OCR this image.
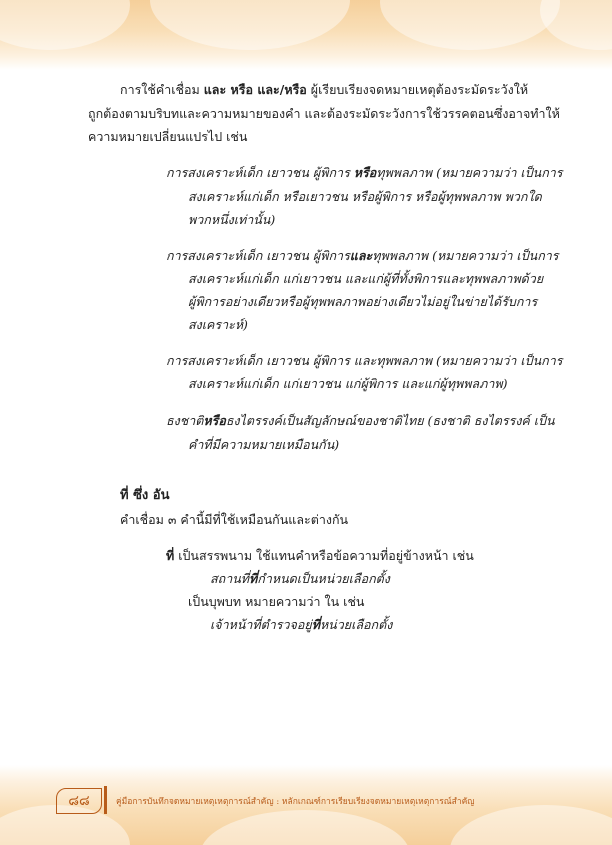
การใช้คำเชื่อม และ หรือ และ/หรือ ผู้เรียบเรียงจดหมายเหตุต้องระมัดระวังให้
ถูกต้องตามบริบทและความหมายของคำ และต้องระมัดระวังการใช้วรรคตอนซึ่งอาจทำให้
ความหมายเปลี่ยนแปรไป เช่น
การสงเคราะห์เด็ก เยาวชน ผู้พิการ หรือทุพพลภาพ (หมายความว่า เป็นการ
สงเคราะห์แก่เด็ก หรือเยาวชน หรือผู้พิการ หรือผู้ทุพพลภาพ พวกใด
พวกหนึ่งเท่านั้น)
การสงเคราะห์เด็ก เยาวชน ผู้พิการและทุพพลภาพ (หมายความว่า เป็นการ
สงเคราะห์แก่เด็ก แก่เยาวชน และแก่ผู้ที่ทั้งพิการและทุพพลภาพด้วย
ผู้พิการอย่างเดียวหรือผู้ทุพพลภาพอย่างเดียวไม่อยู่ในข่ายได้รับการ
สงเคราะห์)
การสงเคราะห์เด็ก เยาวชน ผู้พิการ และทุพพลภาพ (หมายความว่า เป็นการ
สงเคราะห์แก่เด็ก แก่เยาวชน แก่ผู้พิการ และแก่ผู้ทุพพลภาพ)
ธงชาติหรือธงไตรรงค์เป็นสัญลักษณ์ของชาติไทย (ธงชาติ ธงไตรรงค์ เป็น
คำที่มีความหมายเหมือนกัน)
ที่ ซึ่ง อัน
คำเชื่อม ๓ คำนี้มีที่ใช้เหมือนกันและต่างกัน
ที่ เป็นสรรพนาม ใช้แทนคำหรือข้อความที่อยู่ข้างหน้า เช่น
สถานที่ที่กำหนดเป็นหน่วยเลือกตั้ง
เป็นบุพบท หมายความว่า ใน เช่น
เจ้าหน้าที่ตำรวจอยู่ที่หน่วยเลือกตั้ง
๘๘	คู่มือการบันทึกจดหมายเหตุเหตุการณ์สำคัญ : หลักเกณฑ์การเรียบเรียงจดหมายเหตุเหตุการณ์สำคัญ
